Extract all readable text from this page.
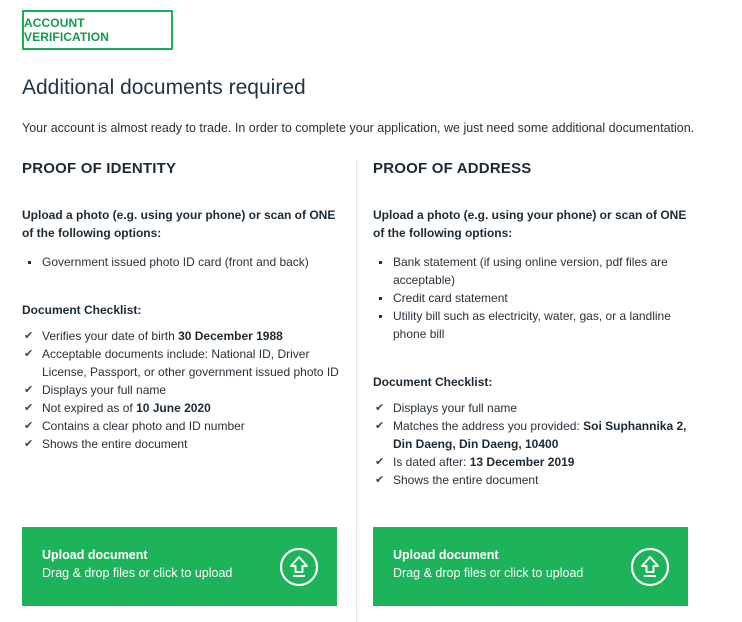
ACCOUNT VERIFICATION
Additional documents required

Your account is almost ready to trade. In order to complete your application, we just need some additional documentation.

PROOF OF IDENTITY
Upload a photo (e.g. using your phone) or scan of ONE
of the following options:
Government issued photo ID card (front and back)
Document Checklist:
✔ Verifies your date of birth 30 December 1988
✔ Acceptable documents include: National ID, Driver License, Passport, or other government issued photo ID
✔ Displays your full name
✔ Not expired as of 10 June 2020
✔ Contains a clear photo and ID number
✔ Shows the entire document
Upload document
Drag & drop files or click to upload
PROOF OF ADDRESS
Upload a photo (e.g. using your phone) or scan of ONE
of the following options:
Bank statement (if using online version, pdf files are acceptable)
Credit card statement
Utility bill such as electricity, water, gas, or a landline phone bill
Document Checklist:
✔ Displays your full name
✔ Matches the address you provided: Soi Suphannika 2, Din Daeng, Din Daeng, 10400
✔ Is dated after: 13 December 2019
✔ Shows the entire document
Upload document
Drag & drop files or click to upload
